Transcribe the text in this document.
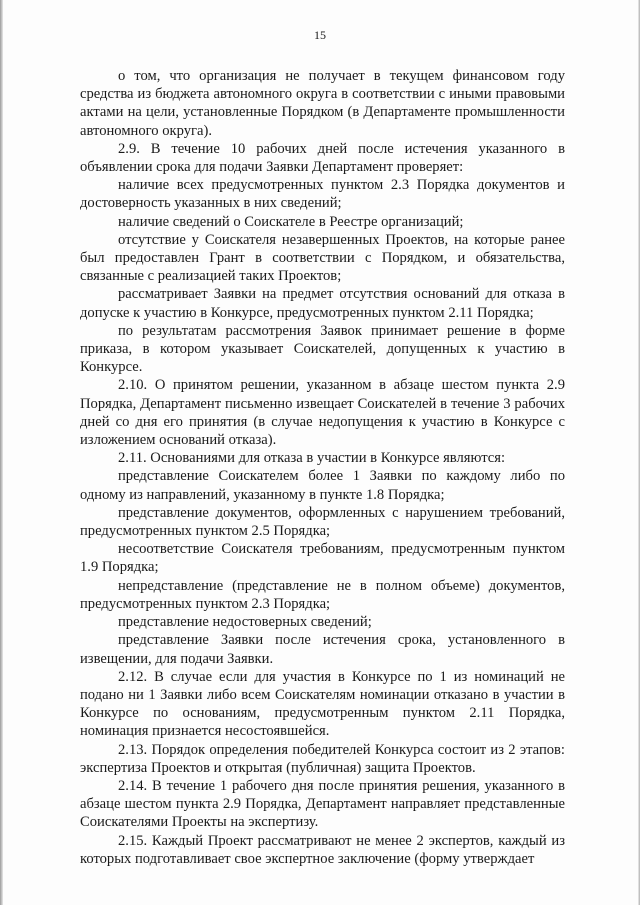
15

о том, что организация не получает в текущем финансовом году средства из бюджета автономного округа в соответствии с иными правовыми актами на цели, установленные Порядком (в Департаменте промышленности автономного округа).

2.9. В течение 10 рабочих дней после истечения указанного в объявлении срока для подачи Заявки Департамент проверяет:

наличие всех предусмотренных пунктом 2.3 Порядка документов и достоверность указанных в них сведений;

наличие сведений о Соискателе в Реестре организаций;

отсутствие у Соискателя незавершенных Проектов, на которые ранее был предоставлен Грант в соответствии с Порядком, и обязательства, связанные с реализацией таких Проектов;

рассматривает Заявки на предмет отсутствия оснований для отказа в допуске к участию в Конкурсе, предусмотренных пунктом 2.11 Порядка;

по результатам рассмотрения Заявок принимает решение в форме приказа, в котором указывает Соискателей, допущенных к участию в Конкурсе.

2.10. О принятом решении, указанном в абзаце шестом пункта 2.9 Порядка, Департамент письменно извещает Соискателей в течение 3 рабочих дней со дня его принятия (в случае недопущения к участию в Конкурсе с изложением оснований отказа).

2.11. Основаниями для отказа в участии в Конкурсе являются:

представление Соискателем более 1 Заявки по каждому либо по одному из направлений, указанному в пункте 1.8 Порядка;

представление документов, оформленных с нарушением требований, предусмотренных пунктом 2.5 Порядка;

несоответствие Соискателя требованиям, предусмотренным пунктом 1.9 Порядка;

непредставление (представление не в полном объеме) документов, предусмотренных пунктом 2.3 Порядка;

представление недостоверных сведений;

представление Заявки после истечения срока, установленного в извещении, для подачи Заявки.

2.12. В случае если для участия в Конкурсе по 1 из номинаций не подано ни 1 Заявки либо всем Соискателям номинации отказано в участии в Конкурсе по основаниям, предусмотренным пунктом 2.11 Порядка, номинация признается несостоявшейся.

2.13. Порядок определения победителей Конкурса состоит из 2 этапов: экспертиза Проектов и открытая (публичная) защита Проектов.

2.14. В течение 1 рабочего дня после принятия решения, указанного в абзаце шестом пункта 2.9 Порядка, Департамент направляет представленные Соискателями Проекты на экспертизу.

2.15. Каждый Проект рассматривают не менее 2 экспертов, каждый из которых подготавливает свое экспертное заключение (форму утверждает
